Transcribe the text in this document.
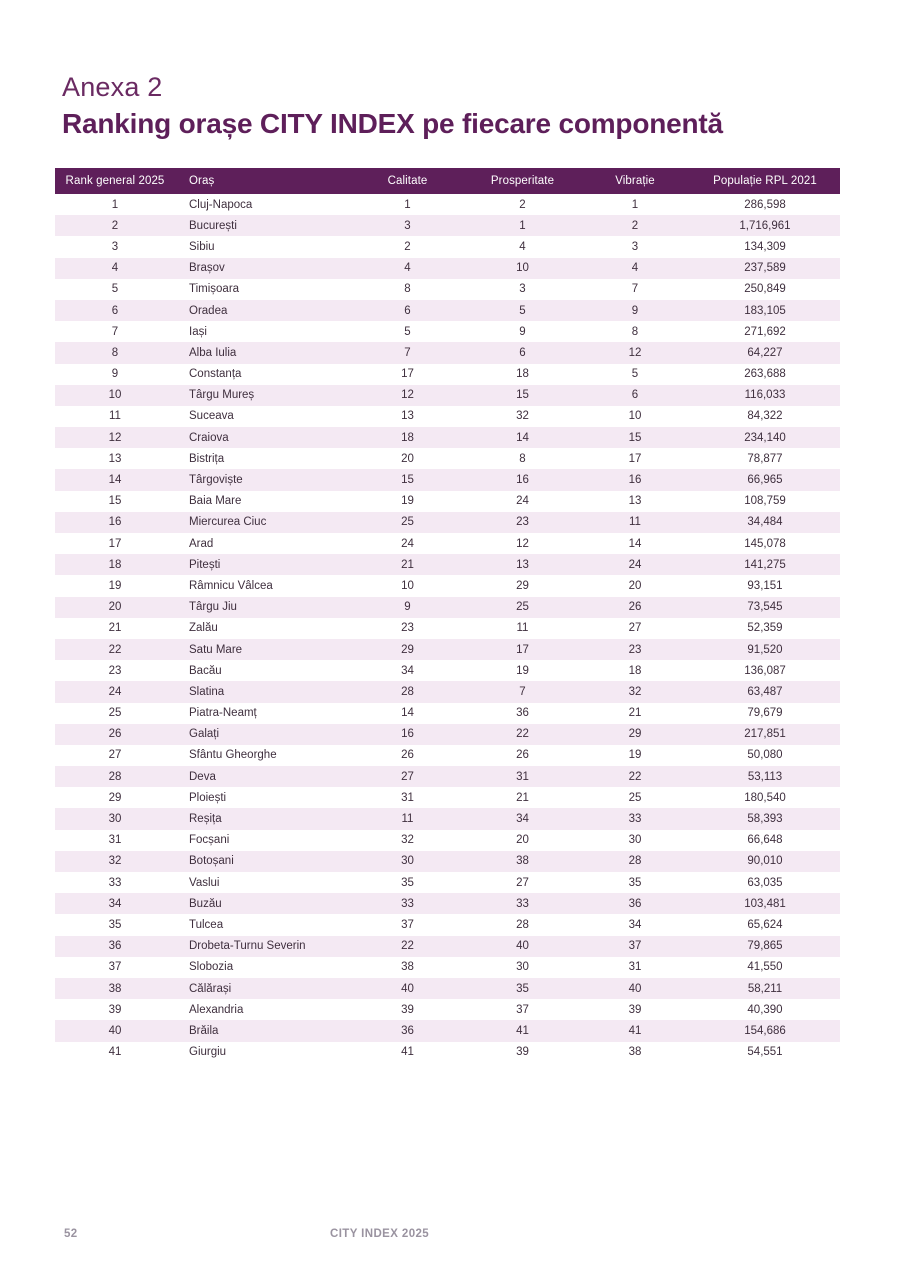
Anexa 2
Ranking orașe CITY INDEX pe fiecare componentă
Rank general 2025	Oraș	Calitate	Prosperitate	Vibrație	Populație RPL 2021
1	Cluj-Napoca	1	2	1	286,598
2	București	3	1	2	1,716,961
3	Sibiu	2	4	3	134,309
4	Brașov	4	10	4	237,589
5	Timișoara	8	3	7	250,849
6	Oradea	6	5	9	183,105
7	Iași	5	9	8	271,692
8	Alba Iulia	7	6	12	64,227
9	Constanța	17	18	5	263,688
10	Târgu Mureș	12	15	6	116,033
11	Suceava	13	32	10	84,322
12	Craiova	18	14	15	234,140
13	Bistrița	20	8	17	78,877
14	Târgoviște	15	16	16	66,965
15	Baia Mare	19	24	13	108,759
16	Miercurea Ciuc	25	23	11	34,484
17	Arad	24	12	14	145,078
18	Pitești	21	13	24	141,275
19	Râmnicu Vâlcea	10	29	20	93,151
20	Târgu Jiu	9	25	26	73,545
21	Zalău	23	11	27	52,359
22	Satu Mare	29	17	23	91,520
23	Bacău	34	19	18	136,087
24	Slatina	28	7	32	63,487
25	Piatra-Neamț	14	36	21	79,679
26	Galați	16	22	29	217,851
27	Sfântu Gheorghe	26	26	19	50,080
28	Deva	27	31	22	53,113
29	Ploiești	31	21	25	180,540
30	Reșița	11	34	33	58,393
31	Focșani	32	20	30	66,648
32	Botoșani	30	38	28	90,010
33	Vaslui	35	27	35	63,035
34	Buzău	33	33	36	103,481
35	Tulcea	37	28	34	65,624
36	Drobeta-Turnu Severin	22	40	37	79,865
37	Slobozia	38	30	31	41,550
38	Călărași	40	35	40	58,211
39	Alexandria	39	37	39	40,390
40	Brăila	36	41	41	154,686
41	Giurgiu	41	39	38	54,551
52	CITY INDEX 2025
